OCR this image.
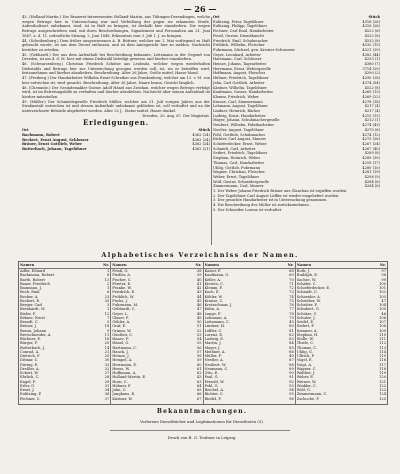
— 26 —

43. (Holland-Martin.) Die Brauerei-Interessenten Holland-Martin, aus Tübingen-Derendingen, welche wegen Betrugs hier in Untersuchung war und Verbüßung der gegen sie erkannten Strafe, Aufenthaltsort unbekannt, sind, ist in Haft zu bringen, ist deshalb hier einzuliefern. Die wegen Betrugs ausgeschrieben sind, mit ihren Beschreibungen, Signalement und Personalien am 21. Juni 1867, a. d. 11. ordentliche Sitzung, 2. Juni 1848, Erkenntnis vom 3. Juli 1. J. zu bringen.

44. (Scheibenburg.) Dem früher ausgewiesenen A. B. Büttner, welcher am 1. Mai vorliegend zu Haft gebracht wurde, ist aus dem Dienst entlassen, und ist dem Amtsgericht hier zu melden. Nachricht hierüber zu erteilen.

45. (Gebhardt.) Der aus dem Aufenthalt bei Beschreibung bekannte, Leitzmann in der Gegend von Dresden, ist am 4. d. M. hier mit einem Diebstahl beteiligt gewesen und hierher einzuliefern.

46. (Schwarzenberg.) Christian Friedrich Schütze aus Leubnitz, welcher wegen wiederholten Diebstahls und Betrugs hier zur Untersuchung gezogen werden soll, ist, wo er betroffen wird, festzunehmen und hierher abzuliefern. Beschreibung: Alter 26 Jahre, Größe mittel, Haare blond.

47. (Freiberg.) Der Handarbeiter Wilhelm Ernst Schreiber aus Frankenberg, welcher am 13. v. M. von hier entwichen ist, wird gesucht. Beschreibung: Alter 36 Jahre, Haare braun, Gesicht länglich.

48. (Chemnitz.) Der Gesindemakler Gustav Adolf Hänel aus Zwickau, welcher wegen Betrugs verfolgt wird, ist im Betretungsfalle zu verhaften und hierher abzuliefern. Nachricht über seinen Aufenthalt ist hierher mitzuteilen.

49. (Müller.) Der Schmiedegeselle Friedrich Müller, welcher am 21. Juli vorigen Jahres aus der Strafanstalt entwichen ist und dessen Aufenthalt unbekannt geblieben ist, soll verhaftet und an die unterzeichnete Behörde abgeliefert werden. Alter 32 J., Statur mittel, Haare dunkel.

Dresden, 20. Aug. 67. Der Magistrat.

Erledigungen.
Ort	Stück
Bachmann, Robert	4362 (24)
Beckert, Ernst August, Schlosser	4362 (24)
Bräuer, Ernst Gottlieb, Weber	4362 (24)
Butterbach, Johann, Tagelöhner	4362 (21)
Ort	Stück
Eulitzing, Peter, Tagelöhner	4316 (26)
Eulitzing, Philipp, Tagelöhner	4316 (26)
Fechner, Carl Emil, Handarbeiter	4522 (6)
Feistl, Gustav, Dienstknecht	4522 (8)
Friedrich, Emil, Schuhmacher	4532 (8)
Fröhlich, Wilhelm, Fleischer	4532 (15)
Fuhrmann, Michael, gen. Kreuter-Schwarzer	4521 (20)
Geyer, Leonhard, Arbeiter	4382 (44)
Hartmann, Carl, Schlosser	4255 (1)
Heinze, Johann, Tagearbeiter	4380 (7)
Herrmann, Ernst, Webergeselle	3714 (20)
Hoffmann, August, Fleischer	4290 (2)
Hübner, Friedrich, Tagelöhner	4290 (28)
Jahn, Carl Gottlieb, Arbeiter	4374 (54)
Kästner, Wilhelm, Tagelöhner	4522 (8)
Kaufmann, Gustav, Handarbeiter	4269 (13)
Klemm, Friedrich, Weber	4269 (22)
Krause, Carl, Zimmermann	4278 (18)
Lehmann, August, Tagelöhner	4217 (4)
Lindner, Heinrich, Bäcker	4217 (4)
Ludwig, Ernst, Handarbeiter	4215 (15)
Mayer, Johann, Schuhmachergeselle	4212 (1)
Neubert, Wilhelm, Fabrikarbeiter	4274 (43)
Nestler, August, Tagelöhner	4270 (6)
Pohl, Gottlieb, Schuhmacher	4274 (12)
Richter, Carl August, Maurer	4275 (26)
Schieferdecker, Ernst, Weber	4267 (24)
Schmidt, Carl, Arbeiter	4267 (40)
Seifert, Friedrich, Tagelöhner	4289 (8)
Stephan, Heinrich, Weber	4289 (30)
Thomas, Carl, Handarbeiter	4218 (17)
Uhlig, Gottlob, Fuhrmann	4280 (10)
Wagner, Christian, Fleischer	4281 (19)
Weber, Ernst, Tagelöhner	4298 (9)
Wolf, Gustav, Schneidergeselle	4284 (6)
Zimmermann, Carl, Maurer	4284 (6)

1. Der Weber Johann Friedrich Bräuer aus Glauchau ist ergriffen worden.

2. Der Tagelöhner Carl August Löffler ist wieder eingeliefert worden.

3. Der gesuchte Handarbeiter ist in Untersuchung genommen.

4. Die Beschreibung des Müller ist zurückzunehmen.

5. Der Schneider Lorenz ist verhaftet.

Alphabetisches Verzeichniss der Namen.
Namen	Nr.
Adler, Eduard	1
Bachmann, Robert	8
Barth, Robert	13
Bauer, Friedrich	2
Baumann, J.	1
Beck, Emil	6
Becker, A.	23
Beckert, E.	35
Berger, Carl	3
Bernhardt, W.	1
Bieler, F.	12
Böhme, Ernst	7
Brandt, C.	5
Bräuer, J.	18
Braun, Johann	9
Bretschneider, A.	11
Büchner, E.	16
Bürger, F.	20
Butterbach, J.	14
Conrad, A.	21
Dietrich, F.	25
Ditmar, C.	30
Döring, E.	33
Dreßler, A.	32
Eckert, W.	27
Ehrlich, C.	28
Engel, F.	29
Erler, G.	31
Ernst, J.	34
Eulitzing, P.	36
Fechner, C.	37
Namen	Nr.
Feistl, G.	38
Fiedler, A.	39
Fischer, C.	40
Förster, E.	41
Franke, W.	42
Friedrich, E.	43
Fröhlich, W.	44
Fuchs, J.	45
Fuhrmann, M.	46
Gebhardt, C.	47
Geyer, L.	48
Glaser, F.	49
Göhler, A.	50
Graf, E.	51
Grimm, W.	52
Günther, C.	53
Haase, F.	54
Hänel, G.	55
Hartmann, C.	56
Hauck, J.	57
Heinze, J.	58
Hempel, A.	59
Herrmann, E.	60
Hesse, W.	61
Hoffmann, A.	62
Holland-Martin, E.	43
Horn, C.	63
Hübner, F.	64
Jahn, C.	65
Junghans, E.	66
Kästner, W.	67
Namen	Nr.
Kaiser, F.	68
Kaufmann, G.	69
Keller, A.	70
Kirsten, C.	71
Klemm, F.	72
Koch, E.	73
Köhler, W.	74
Krause, C.	75
Kretzschmar, J.	76
Kühn, A.	77
Lange, F.	78
Lehmann, A.	79
Leitzmann, C.	45
Lindner, H.	80
Löffler, C.	81
Lorenz, E.	82
Ludwig, E.	83
Martin, J.	84
Mayer, J.	85
Meißner, A.	86
Müller, F.	49
Nestler, A.	87
Neubert, W.	88
Neumann, C.	89
Otto, E.	90
Paul, G.	91
Petzold, W.	92
Pohl, G.	93
Reichel, A.	94
Richter, C.	95
Riedel, F.	96
Namen	Nr.
Roth, J.	97
Rudolph, E.	98
Sachse, W.	99
Schäfer, C.	100
Schieferdecker, E.	101
Schmidt, C.	102
Schneider, A.	103
Schreiber, W.	47
Schröter, F.	104
Schubert, G.	105
Schütze, C.	46
Schulze, J.	106
Seidel, E.	107
Seifert, F.	108
Sommer, A.	109
Stephan, H.	110
Stolle, W.	111
Thiele, C.	112
Thomas, C.	113
Uhlig, G.	114
Ullrich, F.	115
Vogel, E.	116
Voigt, A.	117
Wagner, C.	118
Walther, J.	119
Weber, E.	120
Werner, W.	121
Winkler, C.	122
Wolf, G.	123
Zimmermann, C.	124
Zschoche, F.	125
Bekanntmachungen.
Verlorene Dienstbücher und Legitimationen für Dienstboten (3).
Druck von B. G. Teubner in Leipzig.
